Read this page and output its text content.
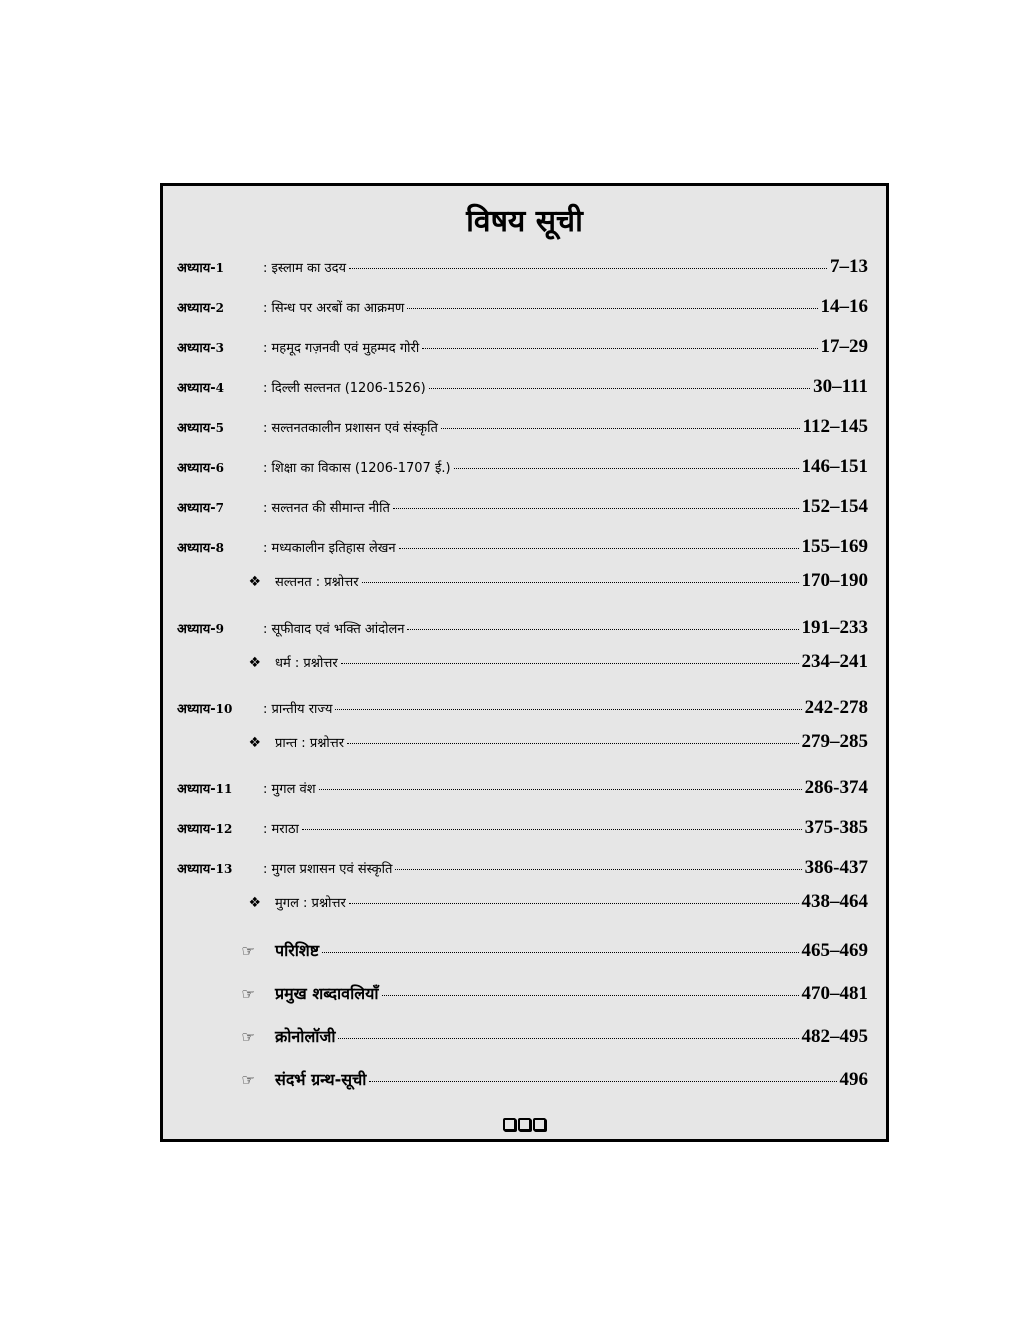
विषय सूची
अध्याय-1	: इस्लाम का उदय	7–13
अध्याय-2	: सिन्ध पर अरबों का आक्रमण	14–16
अध्याय-3	: महमूद गज़नवी एवं मुहम्मद गोरी	17–29
अध्याय-4	: दिल्ली सल्तनत (1206-1526)	30–111
अध्याय-5	: सल्तनतकालीन प्रशासन एवं संस्कृति	112–145
अध्याय-6	: शिक्षा का विकास (1206-1707 ई.)	146–151
अध्याय-7	: सल्तनत की सीमान्त नीति	152–154
अध्याय-8	: मध्यकालीन इतिहास लेखन	155–169
❖	सल्तनत : प्रश्नोत्तर	170–190
अध्याय-9	: सूफीवाद एवं भक्ति आंदोलन	191–233
❖	धर्म : प्रश्नोत्तर	234–241
अध्याय-10	: प्रान्तीय राज्य	242-278
❖	प्रान्त : प्रश्नोत्तर	279–285
अध्याय-11	: मुगल वंश	286-374
अध्याय-12	: मराठा	375-385
अध्याय-13	: मुगल प्रशासन एवं संस्कृति	386-437
❖	मुगल : प्रश्नोत्तर	438–464
☞	परिशिष्ट	465–469
☞	प्रमुख शब्दावलियाँ	470–481
☞	क्रोनोलॉजी	482–495
☞	संदर्भ ग्रन्थ-सूची	496
